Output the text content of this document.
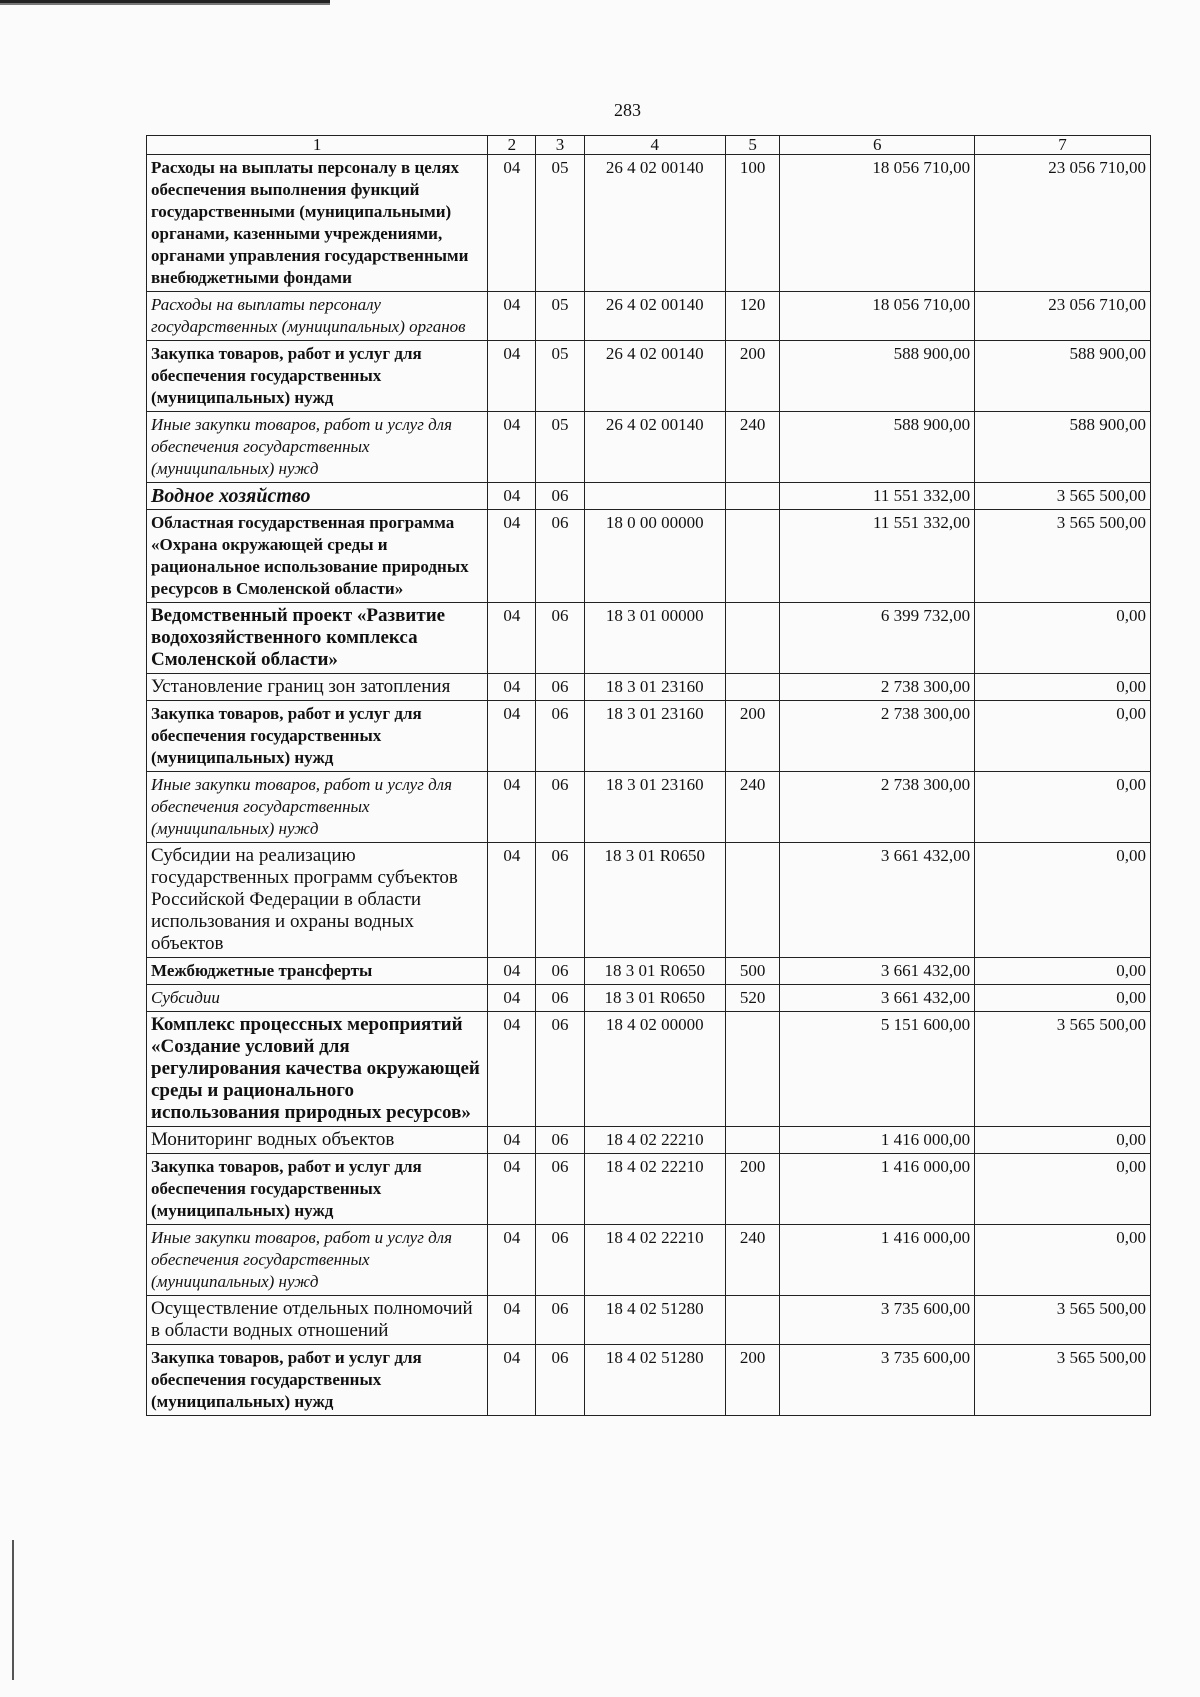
283
1	2	3	4	5	6	7
Расходы на выплаты персоналу в целях обеспечения выполнения функций государственными (муниципальными) органами, казенными учреждениями, органами управления государственными внебюджетными фондами	04	05	26 4 02 00140	100	18 056 710,00	23 056 710,00
Расходы на выплаты персоналу государственных (муниципальных) органов	04	05	26 4 02 00140	120	18 056 710,00	23 056 710,00
Закупка товаров, работ и услуг для обеспечения государственных (муниципальных) нужд	04	05	26 4 02 00140	200	588 900,00	588 900,00
Иные закупки товаров, работ и услуг для обеспечения государственных (муниципальных) нужд	04	05	26 4 02 00140	240	588 900,00	588 900,00
Водное хозяйство	04	06			11 551 332,00	3 565 500,00
Областная государственная программа «Охрана окружающей среды и рациональное использование природных ресурсов в Смоленской области»	04	06	18 0 00 00000		11 551 332,00	3 565 500,00
Ведомственный проект «Развитие водохозяйственного комплекса Смоленской области»	04	06	18 3 01 00000		6 399 732,00	0,00
Установление границ зон затопления	04	06	18 3 01 23160		2 738 300,00	0,00
Закупка товаров, работ и услуг для обеспечения государственных (муниципальных) нужд	04	06	18 3 01 23160	200	2 738 300,00	0,00
Иные закупки товаров, работ и услуг для обеспечения государственных (муниципальных) нужд	04	06	18 3 01 23160	240	2 738 300,00	0,00
Субсидии на реализацию государственных программ субъектов Российской Федерации в области использования и охраны водных объектов	04	06	18 3 01 R0650		3 661 432,00	0,00
Межбюджетные трансферты	04	06	18 3 01 R0650	500	3 661 432,00	0,00
Субсидии	04	06	18 3 01 R0650	520	3 661 432,00	0,00
Комплекс процессных мероприятий «Создание условий для регулирования качества окружающей среды и рационального использования природных ресурсов»	04	06	18 4 02 00000		5 151 600,00	3 565 500,00
Мониторинг водных объектов	04	06	18 4 02 22210		1 416 000,00	0,00
Закупка товаров, работ и услуг для обеспечения государственных (муниципальных) нужд	04	06	18 4 02 22210	200	1 416 000,00	0,00
Иные закупки товаров, работ и услуг для обеспечения государственных (муниципальных) нужд	04	06	18 4 02 22210	240	1 416 000,00	0,00
Осуществление отдельных полномочий в области водных отношений	04	06	18 4 02 51280		3 735 600,00	3 565 500,00
Закупка товаров, работ и услуг для обеспечения государственных (муниципальных) нужд	04	06	18 4 02 51280	200	3 735 600,00	3 565 500,00
